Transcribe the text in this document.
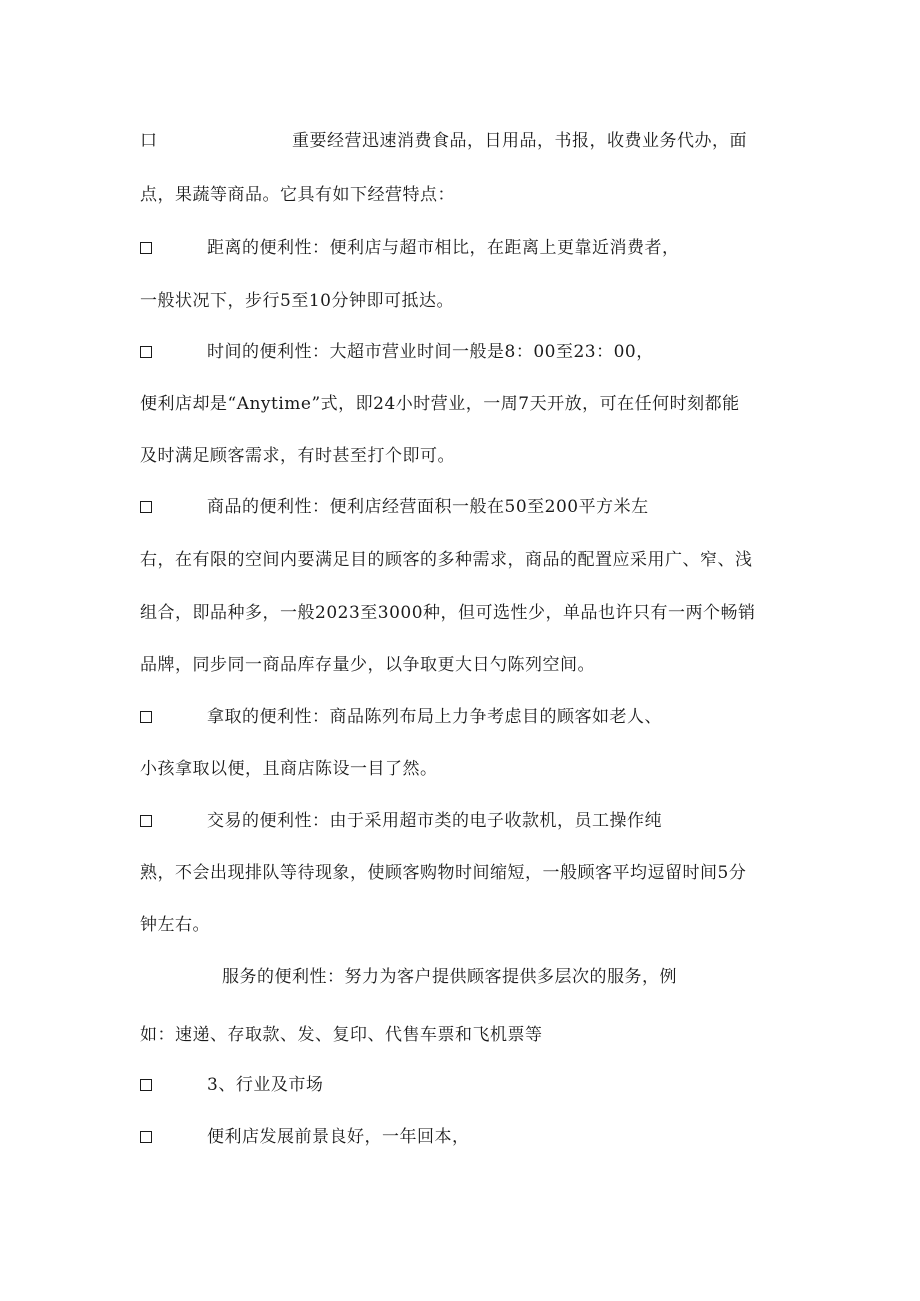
口	重要经营迅速消费食品，日用品，书报，收费业务代办，面
点，果蔬等商品。它具有如下经营特点：
距离的便利性：便利店与超市相比，在距离上更靠近消费者，
一般状况下，步行5至10分钟即可抵达。
时间的便利性：大超市营业时间一般是8：00至23：00，
便利店却是“Anytime”式，即24小时营业，一周7天开放，可在任何时刻都能
及时满足顾客需求，有时甚至打个即可。
商品的便利性：便利店经营面积一般在50至200平方米左
右，在有限的空间内要满足目的顾客的多种需求，商品的配置应采用广、窄、浅
组合，即品种多，一般2023至3000种，但可选性少，单品也许只有一两个畅销
品牌，同步同一商品库存量少，以争取更大日勺陈列空间。
拿取的便利性：商品陈列布局上力争考虑目的顾客如老人、
小孩拿取以便，且商店陈设一目了然。
交易的便利性：由于采用超市类的电子收款机，员工操作纯
熟，不会出现排队等待现象，使顾客购物时间缩短，一般顾客平均逗留时间5分
钟左右。
服务的便利性：努力为客户提供顾客提供多层次的服务，例
如：速递、存取款、发、复印、代售车票和飞机票等
3、行业及市场
便利店发展前景良好，一年回本，
